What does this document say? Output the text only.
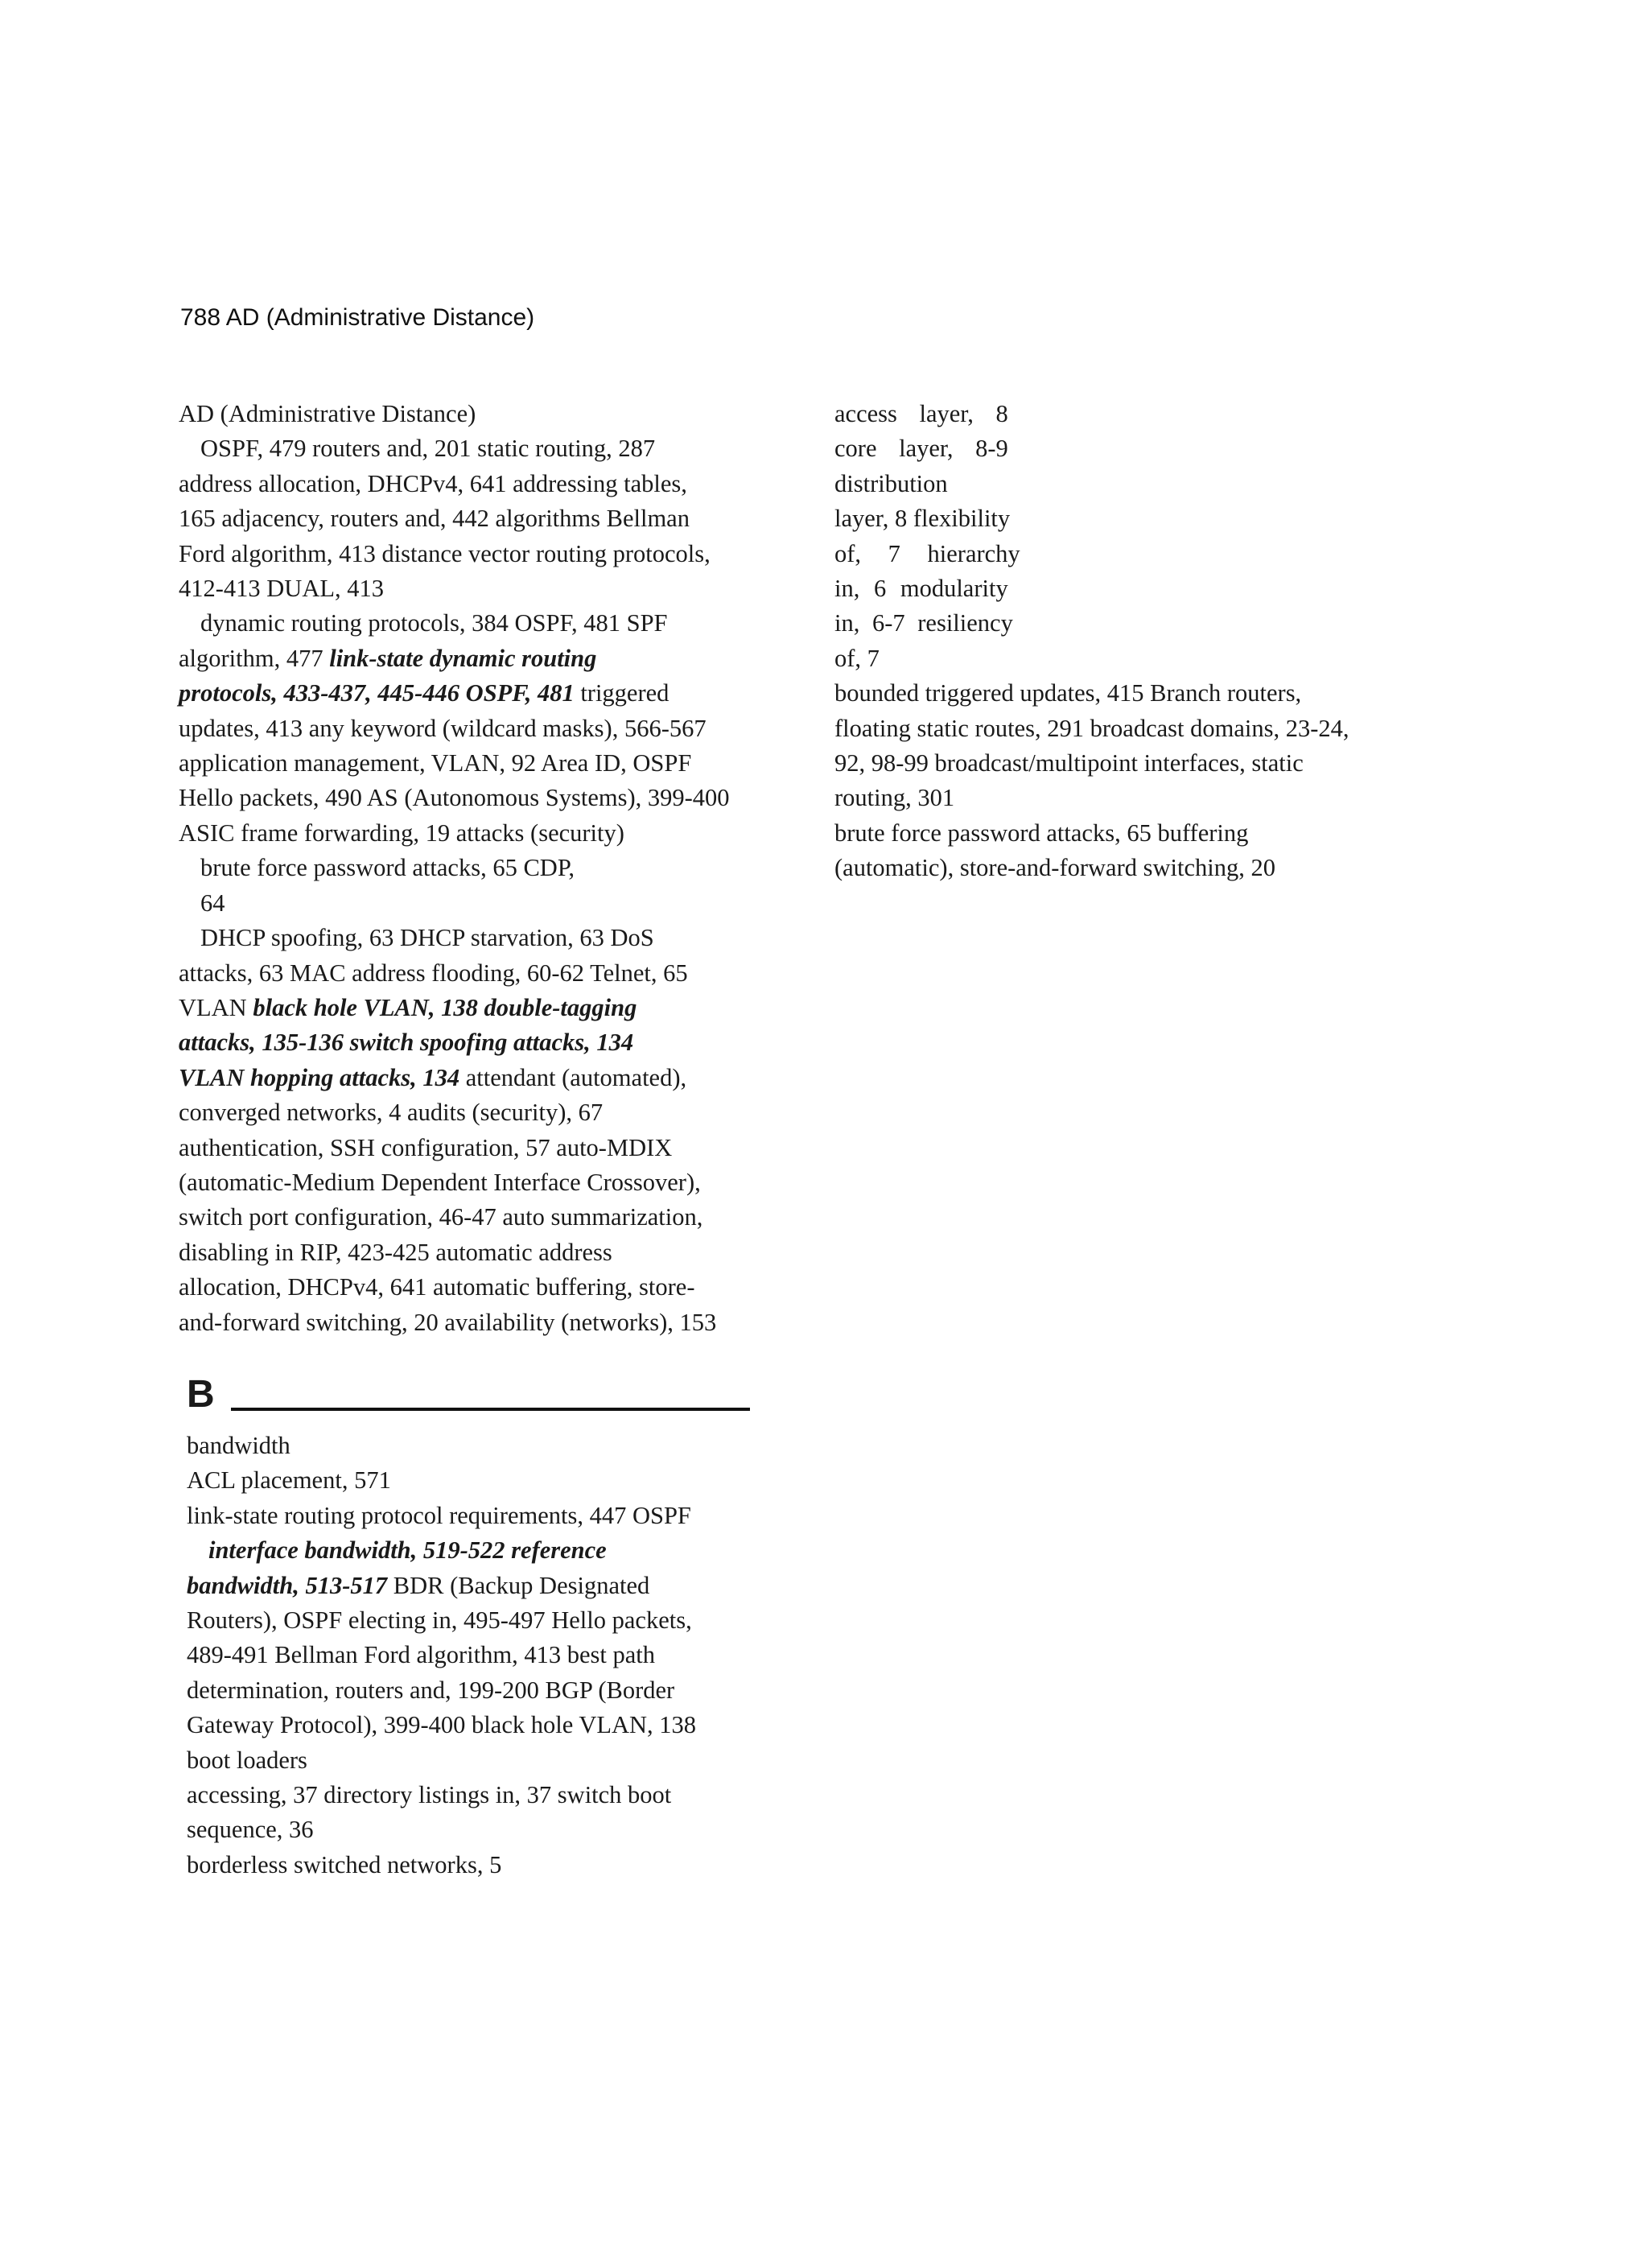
788 AD (Administrative Distance)
AD (Administrative Distance)
OSPF, 479 routers and, 201 static routing, 287
address allocation, DHCPv4, 641 addressing tables,
165 adjacency, routers and, 442 algorithms Bellman
Ford algorithm, 413 distance vector routing protocols,
412-413 DUAL, 413
dynamic routing protocols, 384 OSPF, 481 SPF
algorithm, 477 link-state dynamic routing
protocols, 433-437, 445-446 OSPF, 481 triggered
updates, 413 any keyword (wildcard masks), 566-567
application management, VLAN, 92 Area ID, OSPF
Hello packets, 490 AS (Autonomous Systems), 399-400
ASIC frame forwarding, 19 attacks (security)
brute force password attacks, 65 CDP,
64
DHCP spoofing, 63 DHCP starvation, 63 DoS
attacks, 63 MAC address flooding, 60-62 Telnet, 65
VLAN black hole VLAN, 138 double-tagging
attacks, 135-136 switch spoofing attacks, 134
VLAN hopping attacks, 134 attendant (automated),
converged networks, 4 audits (security), 67
authentication, SSH configuration, 57 auto-MDIX
(automatic-Medium Dependent Interface Crossover),
switch port configuration, 46-47 auto summarization,
disabling in RIP, 423-425 automatic address
allocation, DHCPv4, 641 automatic buffering, store-
and-forward switching, 20 availability (networks), 153
B
bandwidth
ACL placement, 571
link-state routing protocol requirements, 447 OSPF
interface bandwidth, 519-522 reference
bandwidth, 513-517 BDR (Backup Designated
Routers), OSPF electing in, 495-497 Hello packets,
489-491 Bellman Ford algorithm, 413 best path
determination, routers and, 199-200 BGP (Border
Gateway Protocol), 399-400 black hole VLAN, 138
boot loaders
accessing, 37 directory listings in, 37 switch boot
sequence, 36
borderless switched networks, 5
access layer, 8
core layer, 8-9
distribution
layer, 8 flexibility
of, 7 hierarchy
in, 6 modularity
in, 6-7 resiliency
of, 7
bounded triggered updates, 415 Branch routers,
floating static routes, 291 broadcast domains, 23-24,
92, 98-99 broadcast/multipoint interfaces, static
routing, 301
brute force password attacks, 65 buffering
(automatic), store-and-forward switching, 20
